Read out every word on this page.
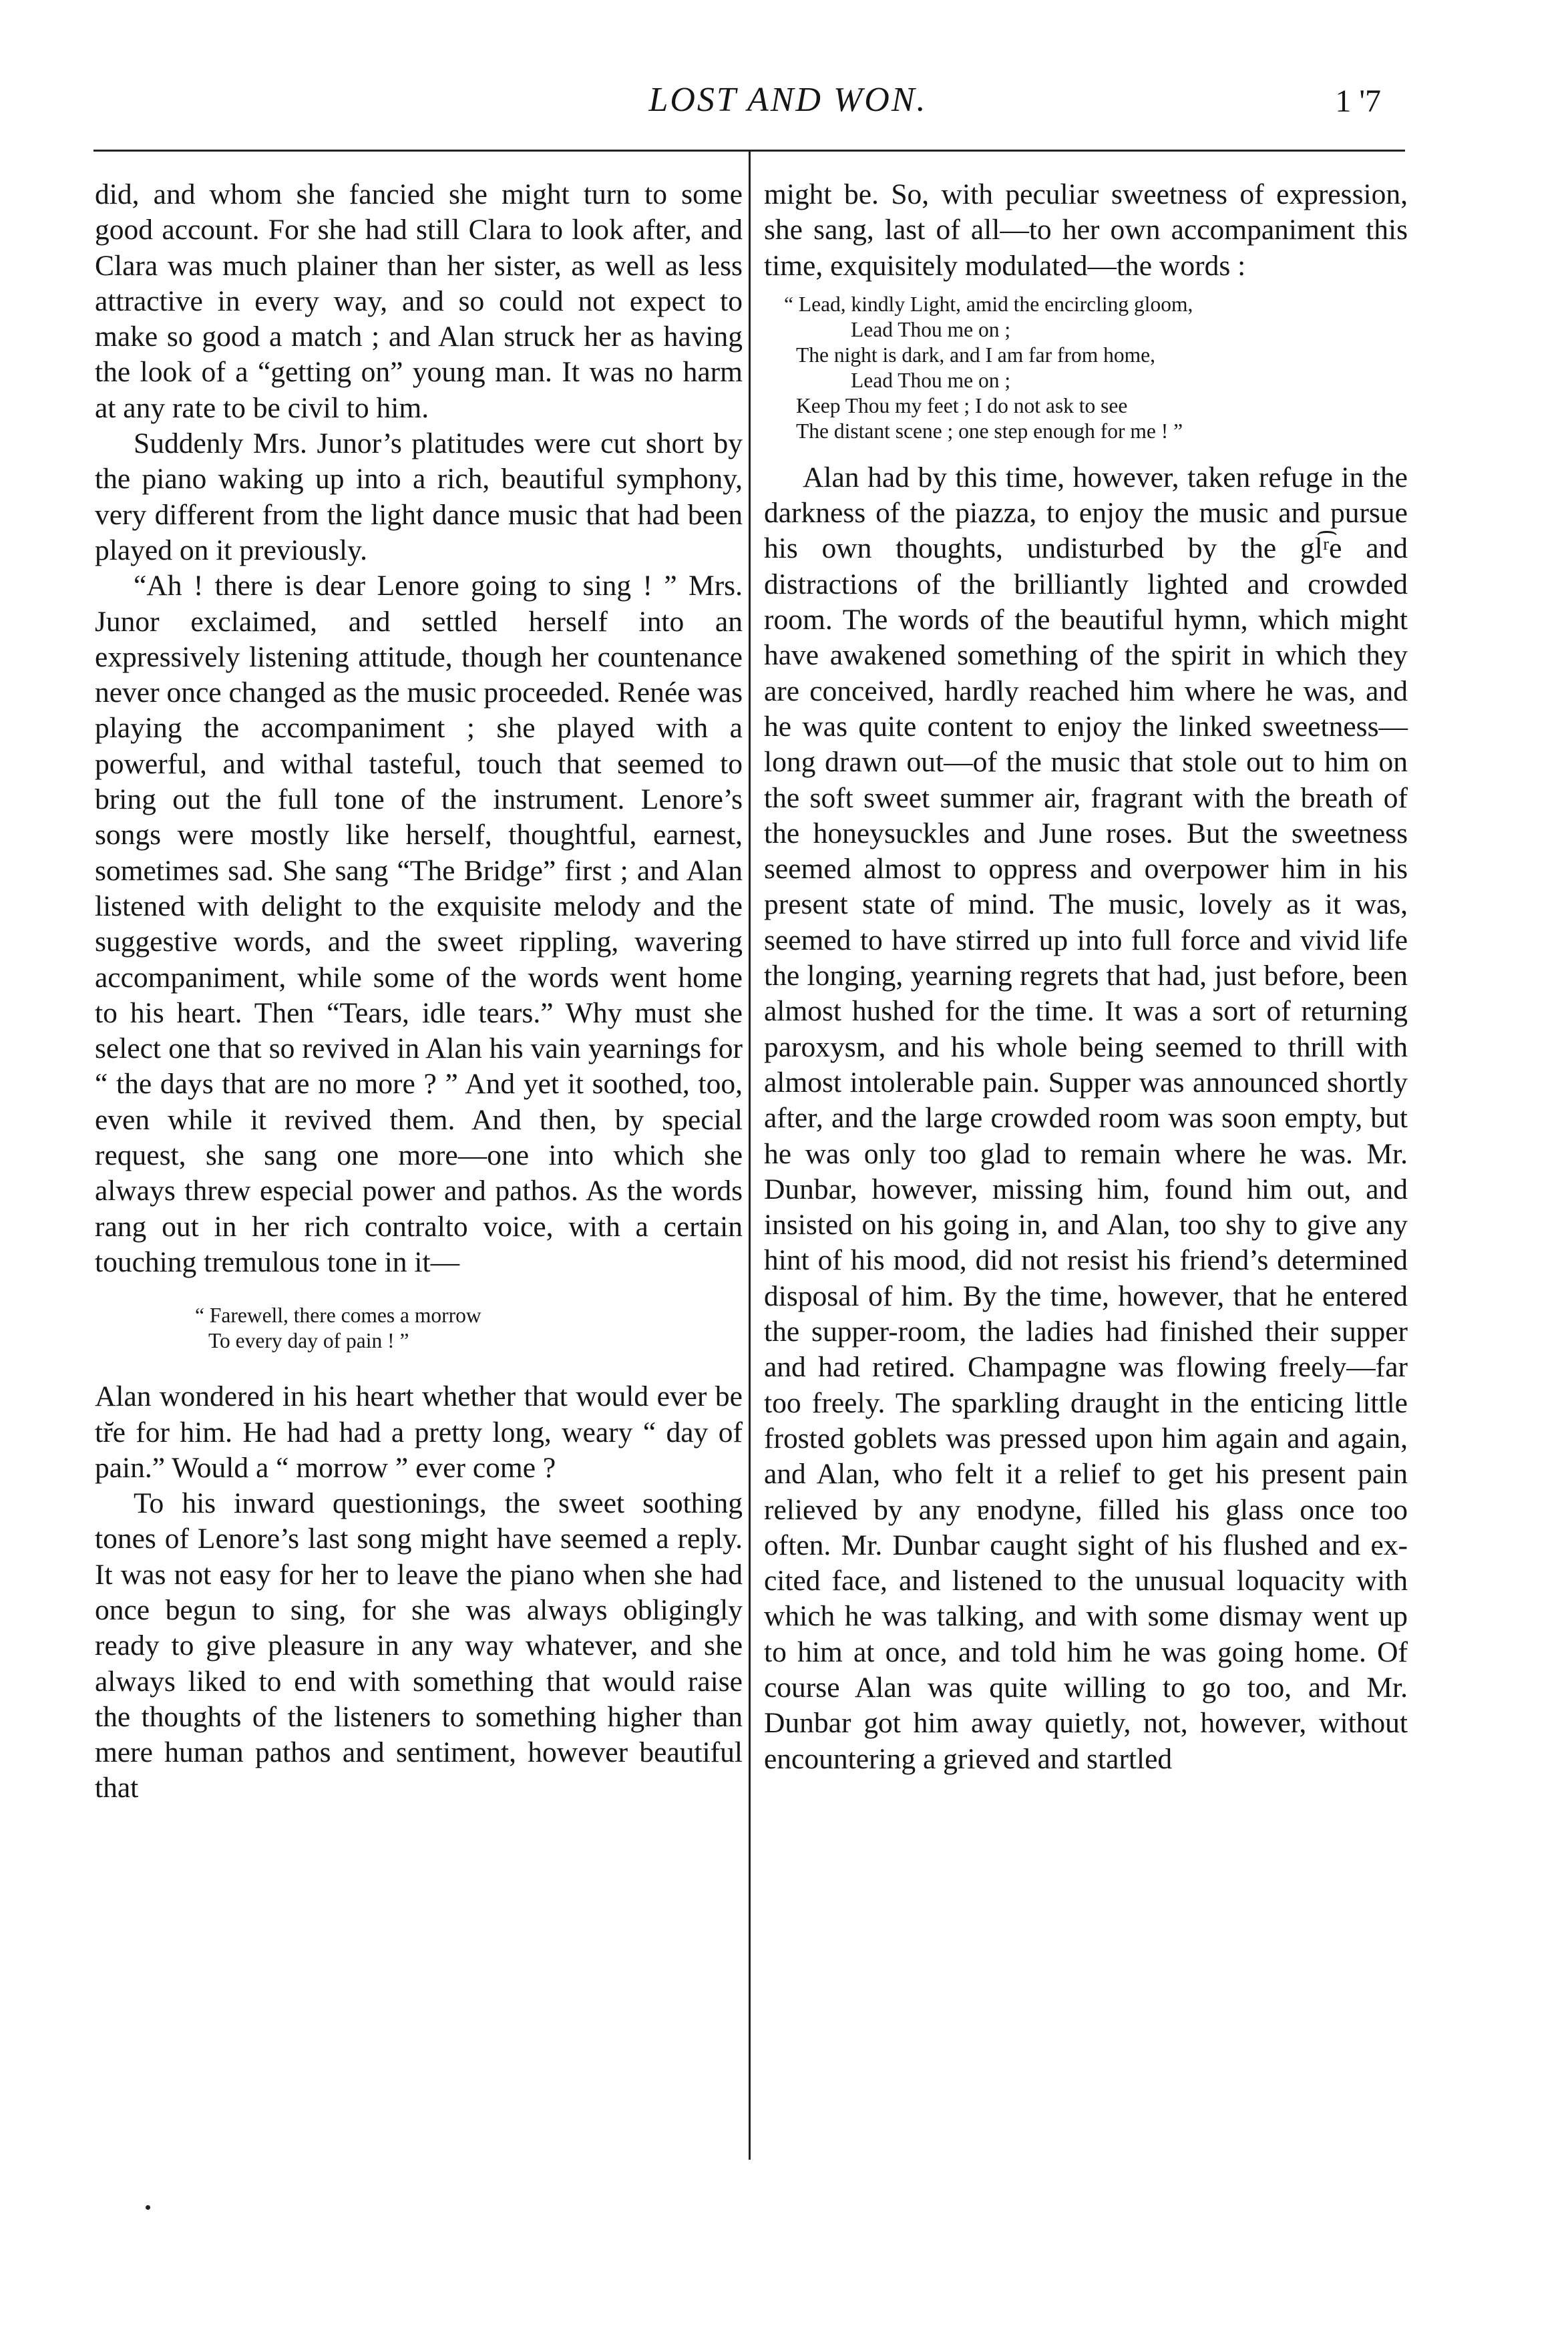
LOST AND WON.	1 '7

did, and whom she fancied she might turn to some good account. For she had still Clara to look after, and Clara was much plainer than her sister, as well as less attractive in every way, and so could not expect to make so good a match ; and Alan struck her as having the look of a “getting on” young man. It was no harm at any rate to be civil to him.

Suddenly Mrs. Junor’s platitudes were cut short by the piano waking up into a rich, beautiful symphony, very different from the light dance music that had been played on it previously.

“Ah ! there is dear Lenore going to sing ! ” Mrs. Junor exclaimed, and settled herself into an expressively listening attitude, though her countenance never once changed as the music proceeded. Renée was playing the accompaniment ; she played with a powerful, and withal tasteful, touch that seemed to bring out the full tone of the instrument. Lenore’s songs were mostly like herself, thoughtful, earnest, sometimes sad. She sang “The Bridge” first ; and Alan listened with delight to the exquisite melody and the suggestive words, and the sweet rippling, wavering accompaniment, while some of the words went home to his heart. Then “Tears, idle tears.” Why must she select one that so revived in Alan his vain yearnings for “ the days that are no more ? ” And yet it soothed, too, even while it revived them. And then, by special request, she sang one more—one into which she always threw especial power and pathos. As the words rang out in her rich contralto voice, with a certain touching tremulous tone in it—

“ Farewell, there comes a morrow
To every day of pain ! ”

Alan wondered in his heart whether that would ever be tr̆e for him. He had had a pretty long, weary “ day of pain.” Would a “ morrow ” ever come ?

To his inward questionings, the sweet soothing tones of Lenore’s last song might have seemed a reply. It was not easy for her to leave the piano when she had once begun to sing, for she was always obligingly ready to give pleasure in any way whatever, and she always liked to end with something that would raise the thoughts of the listeners to something higher than mere human pathos and sentiment, however beautiful that

might be. So, with peculiar sweetness of expression, she sang, last of all—to her own accompaniment this time, exquisitely modulated—the words :

“ Lead, kindly Light, amid the encircling gloom,
Lead Thou me on ;
The night is dark, and I am far from home,
Lead Thou me on ;
Keep Thou my feet ; I do not ask to see
The distant scene ; one step enough for me ! ”

Alan had by this time, however, taken refuge in the darkness of the piazza, to enjoy the music and pursue his own thoughts, undisturbed by the gl͡ʳe and distractions of the brilliantly lighted and crowded room. The words of the beautiful hymn, which might have awakened something of the spirit in which they are conceived, hardly reached him where he was, and he was quite content to enjoy the linked sweetness—long drawn out—of the music that stole out to him on the soft sweet summer air, fragrant with the breath of the honeysuckles and June roses. But the sweetness seemed almost to oppress and overpower him in his present state of mind. The music, lovely as it was, seemed to have stirred up into full force and vivid life the longing, yearning regrets that had, just before, been almost hushed for the time. It was a sort of returning paroxysm, and his whole being seemed to thrill with almost intolerable pain. Supper was announced shortly after, and the large crowded room was soon empty, but he was only too glad to remain where he was. Mr. Dunbar, however, missing him, found him out, and insisted on his going in, and Alan, too shy to give any hint of his mood, did not resist his friend’s determined disposal of him. By the time, however, that he entered the supper-room, the ladies had finished their supper and had retired. Champagne was flowing freely—far too freely. The sparkling draught in the enticing little frosted goblets was pressed upon him again and again, and Alan, who felt it a relief to get his present pain relieved by any ɐnodyne, filled his glass once too often. Mr. Dunbar caught sight of his flushed and excited face, and listened to the unusual loquacity with which he was talking, and with some dismay went up to him at once, and told him he was going home. Of course Alan was quite willing to go too, and Mr. Dunbar got him away quietly, not, however, without encountering a grieved and startled
